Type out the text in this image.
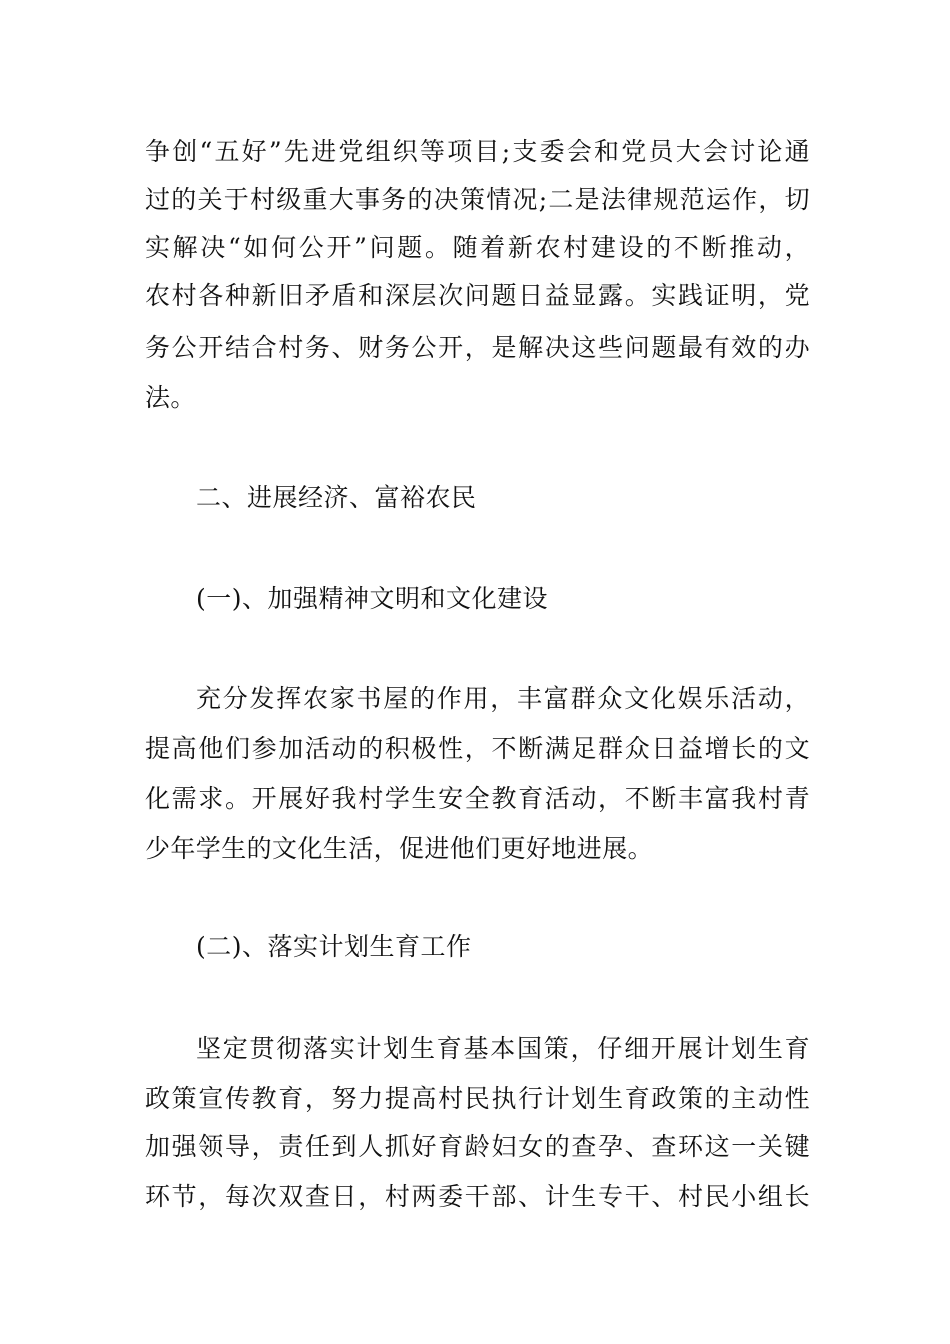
争创“五好”先进党组织等项目;支委会和党员大会讨论通

过的关于村级重大事务的决策情况;二是法律规范运作，切

实解决“如何公开”问题。随着新农村建设的不断推动，

农村各种新旧矛盾和深层次问题日益显露。实践证明，党

务公开结合村务、财务公开，是解决这些问题最有效的办

法。

二、进展经济、富裕农民

(一)、加强精神文明和文化建设

充分发挥农家书屋的作用，丰富群众文化娱乐活动，

提高他们参加活动的积极性，不断满足群众日益增长的文

化需求。开展好我村学生安全教育活动，不断丰富我村青

少年学生的文化生活，促进他们更好地进展。

(二)、落实计划生育工作

坚定贯彻落实计划生育基本国策，仔细开展计划生育

政策宣传教育，努力提高村民执行计划生育政策的主动性

加强领导，责任到人抓好育龄妇女的查孕、查环这一关键

环节，每次双查日，村两委干部、计生专干、村民小组长
